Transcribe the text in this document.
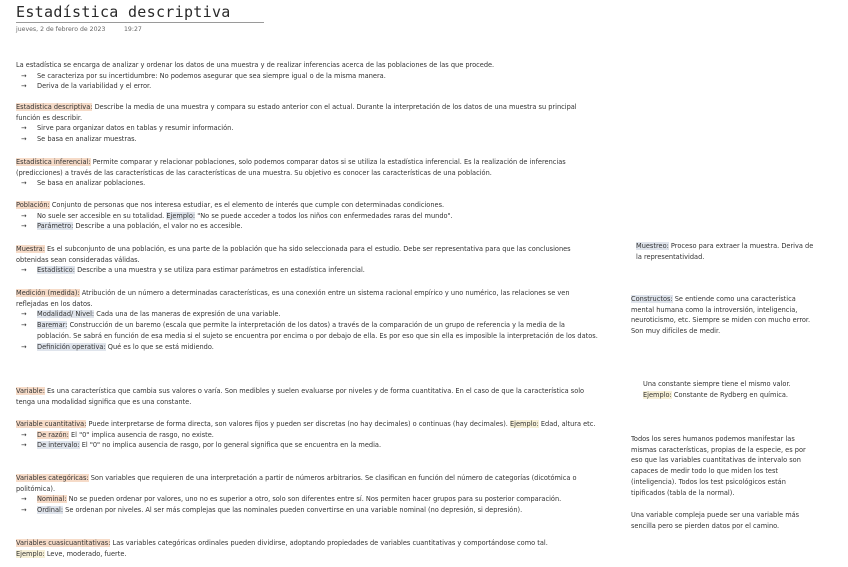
Estadística descriptiva
jueves, 2 de febrero de 2023	19:27

La estadística se encarga de analizar y ordenar los datos de una muestra y de realizar inferencias acerca de las poblaciones de las que procede.

→ Se caracteriza por su incertidumbre: No podemos asegurar que sea siempre igual o de la misma manera.

→ Deriva de la variabilidad y el error.

Estadística descriptiva: Describe la media de una muestra y compara su estado anterior con el actual. Durante la interpretación de los datos de una muestra su principal función es describir.

→ Sirve para organizar datos en tablas y resumir información.

→ Se basa en analizar muestras.

Estadística inferencial: Permite comparar y relacionar poblaciones, solo podemos comparar datos si se utiliza la estadística inferencial. Es la realización de inferencias (predicciones) a través de las características de las características de una muestra. Su objetivo es conocer las características de una población.

→ Se basa en analizar poblaciones.

Población: Conjunto de personas que nos interesa estudiar, es el elemento de interés que cumple con determinadas condiciones.

→ No suele ser accesible en su totalidad. Ejemplo: "No se puede acceder a todos los niños con enfermedades raras del mundo".

→ Parámetro: Describe a una población, el valor no es accesible.

Muestra: Es el subconjunto de una población, es una parte de la población que ha sido seleccionada para el estudio. Debe ser representativa para que las conclusiones obtenidas sean consideradas válidas.

→ Estadístico: Describe a una muestra y se utiliza para estimar parámetros en estadística inferencial.

Medición (medida): Atribución de un número a determinadas características, es una conexión entre un sistema racional empírico y uno numérico, las relaciones se ven reflejadas en los datos.

→ Modalidad/ Nivel: Cada una de las maneras de expresión de una variable.

→ Baremar: Construcción de un baremo (escala que permite la interpretación de los datos) a través de la comparación de un grupo de referencia y la media de la población. Se sabrá en función de esa media si el sujeto se encuentra por encima o por debajo de ella. Es por eso que sin ella es imposible la interpretación de los datos.

→ Definición operativa: Qué es lo que se está midiendo.

Variable: Es una característica que cambia sus valores o varía. Son medibles y suelen evaluarse por niveles y de forma cuantitativa. En el caso de que la característica solo tenga una modalidad significa que es una constante.

Variable cuantitativa: Puede interpretarse de forma directa, son valores fijos y pueden ser discretas (no hay decimales) o continuas (hay decimales). Ejemplo: Edad, altura etc.

→ De razón: El "0" implica ausencia de rasgo, no existe.

→ De intervalo: El "0" no implica ausencia de rasgo, por lo general significa que se encuentra en la media.

Variables categóricas: Son variables que requieren de una interpretación a partir de números arbitrarios. Se clasifican en función del número de categorías (dicotómica o politómica).

→ Nominal: No se pueden ordenar por valores, uno no es superior a otro, solo son diferentes entre sí. Nos permiten hacer grupos para su posterior comparación.

→ Ordinal: Se ordenan por niveles. Al ser más complejas que las nominales pueden convertirse en una variable nominal (no depresión, si depresión).

Variables cuasicuantitativas: Las variables categóricas ordinales pueden dividirse, adoptando propiedades de variables cuantitativas y comportándose como tal.

Ejemplo: Leve, moderado, fuerte.

Muestreo: Proceso para extraer la muestra. Deriva de la representatividad.

Constructos: Se entiende como una característica mental humana como la introversión, inteligencia, neuroticismo, etc. Siempre se miden con mucho error. Son muy difíciles de medir.

Una constante siempre tiene el mismo valor.

Ejemplo: Constante de Rydberg en química.

Todos los seres humanos podemos manifestar las mismas características, propias de la especie, es por eso que las variables cuantitativas de intervalo son capaces de medir todo lo que miden los test (inteligencia). Todos los test psicológicos están tipificados (tabla de la normal).

Una variable compleja puede ser una variable más sencilla pero se pierden datos por el camino.
